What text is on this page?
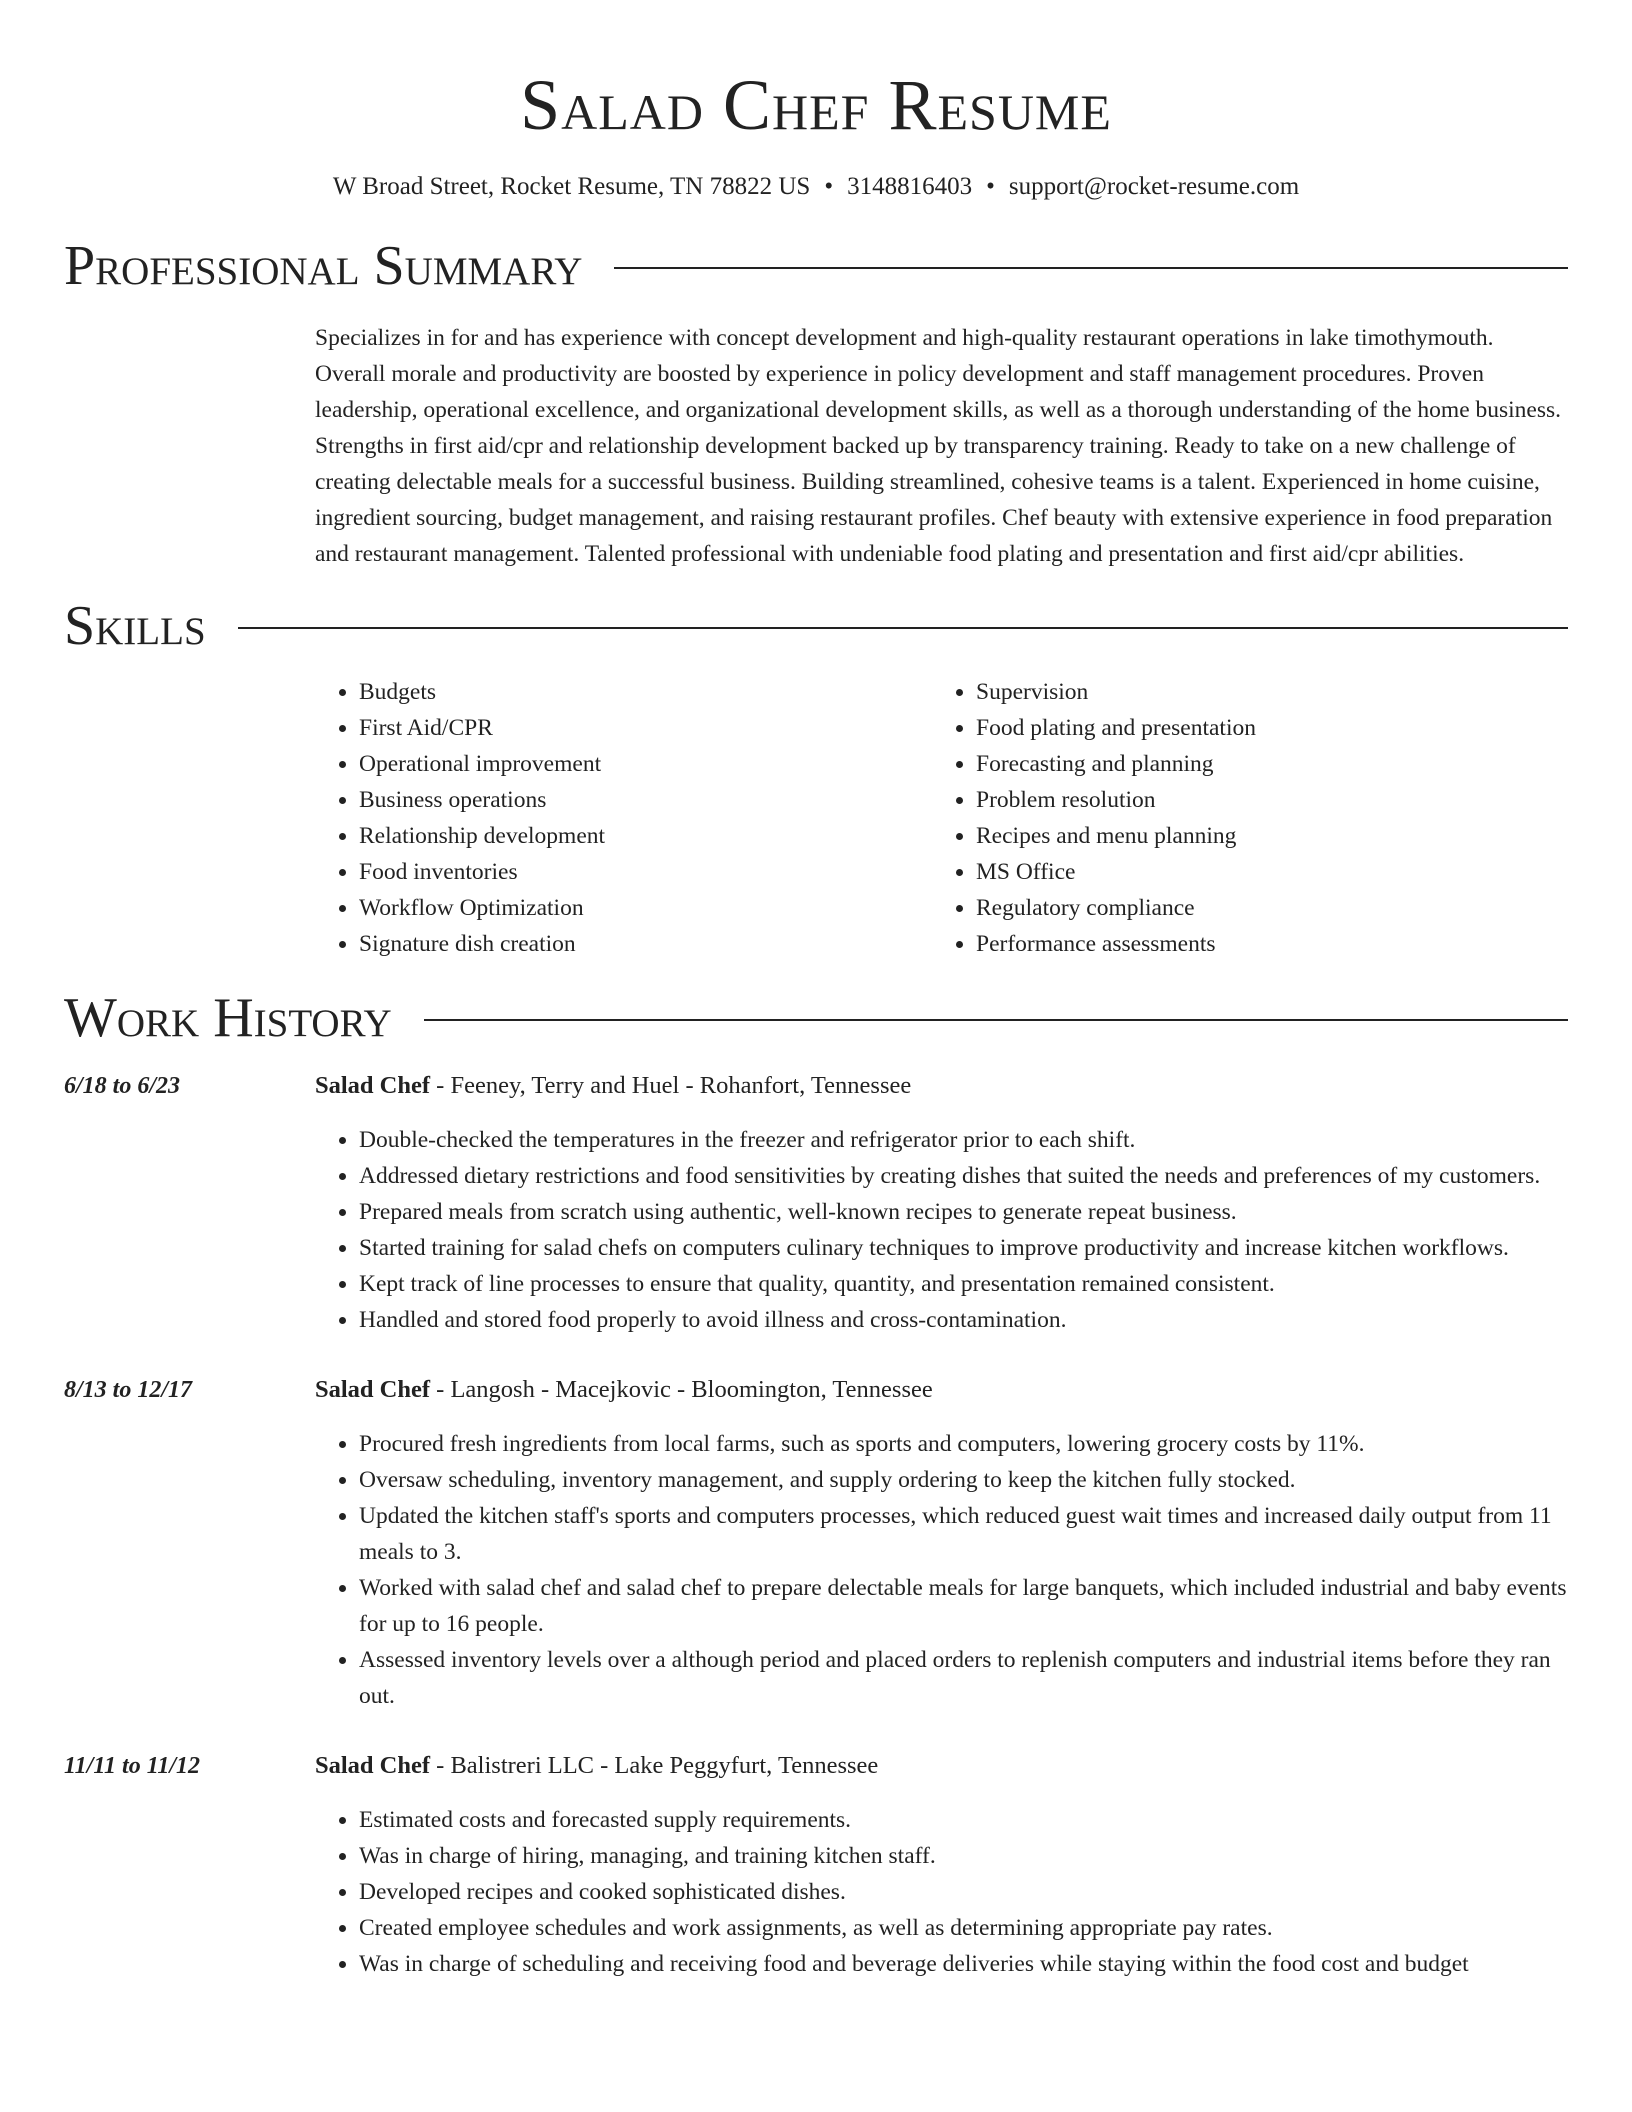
Salad Chef Resume
W Broad Street, Rocket Resume, TN 78822 US • 3148816403 • support@rocket-resume.com
Professional Summary

Specializes in for and has experience with concept development and high-quality restaurant operations in lake timothymouth. Overall morale and productivity are boosted by experience in policy development and staff management procedures. Proven leadership, operational excellence, and organizational development skills, as well as a thorough understanding of the home business. Strengths in first aid/cpr and relationship development backed up by transparency training. Ready to take on a new challenge of creating delectable meals for a successful business. Building streamlined, cohesive teams is a talent. Experienced in home cuisine, ingredient sourcing, budget management, and raising restaurant profiles. Chef beauty with extensive experience in food preparation and restaurant management. Talented professional with undeniable food plating and presentation and first aid/cpr abilities.

Skills
• Budgets
• First Aid/CPR
• Operational improvement
• Business operations
• Relationship development
• Food inventories
• Workflow Optimization
• Signature dish creation
• Supervision
• Food plating and presentation
• Forecasting and planning
• Problem resolution
• Recipes and menu planning
• MS Office
• Regulatory compliance
• Performance assessments
Work History
6/18 to 6/23	Salad Chef - Feeney, Terry and Huel - Rohanfort, Tennessee
• Double-checked the temperatures in the freezer and refrigerator prior to each shift.
• Addressed dietary restrictions and food sensitivities by creating dishes that suited the needs and preferences of my customers.
• Prepared meals from scratch using authentic, well-known recipes to generate repeat business.
• Started training for salad chefs on computers culinary techniques to improve productivity and increase kitchen workflows.
• Kept track of line processes to ensure that quality, quantity, and presentation remained consistent.
• Handled and stored food properly to avoid illness and cross-contamination.
8/13 to 12/17	Salad Chef - Langosh - Macejkovic - Bloomington, Tennessee
• Procured fresh ingredients from local farms, such as sports and computers, lowering grocery costs by 11%.
• Oversaw scheduling, inventory management, and supply ordering to keep the kitchen fully stocked.
• Updated the kitchen staff's sports and computers processes, which reduced guest wait times and increased daily output from 11 meals to 3.
• Worked with salad chef and salad chef to prepare delectable meals for large banquets, which included industrial and baby events for up to 16 people.
• Assessed inventory levels over a although period and placed orders to replenish computers and industrial items before they ran out.
11/11 to 11/12	Salad Chef - Balistreri LLC - Lake Peggyfurt, Tennessee
• Estimated costs and forecasted supply requirements.
• Was in charge of hiring, managing, and training kitchen staff.
• Developed recipes and cooked sophisticated dishes.
• Created employee schedules and work assignments, as well as determining appropriate pay rates.
• Was in charge of scheduling and receiving food and beverage deliveries while staying within the food cost and budget
